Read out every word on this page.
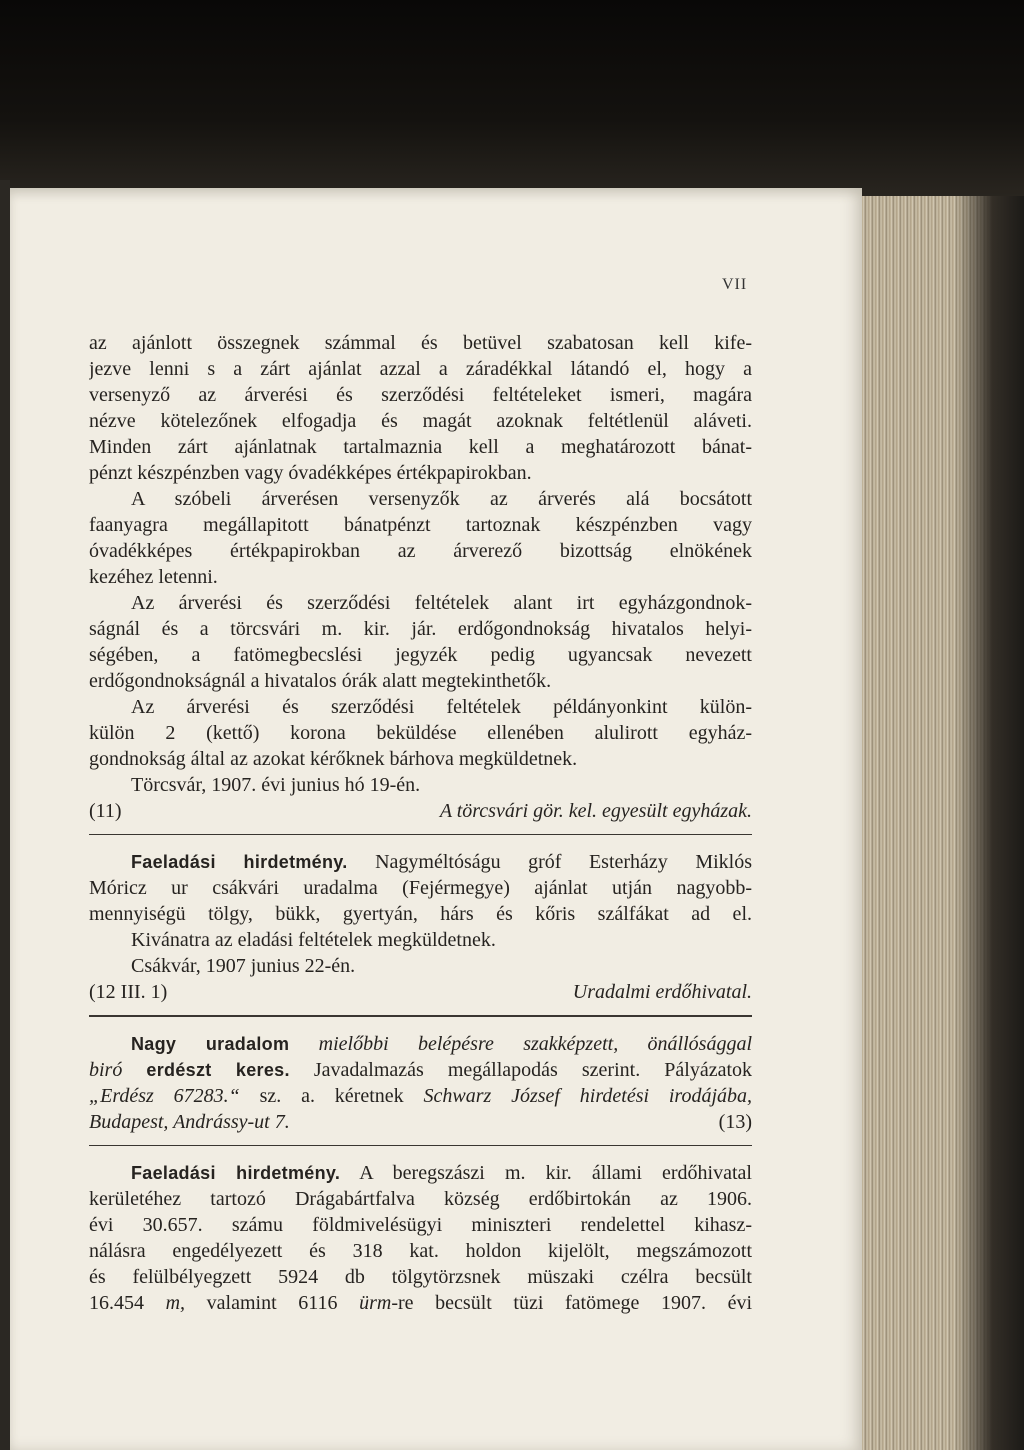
VII
az ajánlott összegnek számmal és betüvel szabatosan kell kife-
jezve lenni s a zárt ajánlat azzal a záradékkal látandó el, hogy a
versenyző az árverési és szerződési feltételeket ismeri, magára
nézve kötelezőnek elfogadja és magát azoknak feltétlenül aláveti.
Minden zárt ajánlatnak tartalmaznia kell a meghatározott bánat-
pénzt készpénzben vagy óvadékképes értékpapirokban.
A szóbeli árverésen versenyzők az árverés alá bocsátott
faanyagra megállapitott bánatpénzt tartoznak készpénzben vagy
óvadékképes értékpapirokban az árverező bizottság elnökének
kezéhez letenni.
Az árverési és szerződési feltételek alant irt egyházgondnok-
ságnál és a törcsvári m. kir. jár. erdőgondnokság hivatalos helyi-
ségében, a fatömegbecslési jegyzék pedig ugyancsak nevezett
erdőgondnokságnál a hivatalos órák alatt megtekinthetők.
Az árverési és szerződési feltételek példányonkint külön-
külön 2 (kettő) korona beküldése ellenében alulirott egyház-
gondnokság által az azokat kérőknek bárhova megküldetnek.
Törcsvár, 1907. évi junius hó 19-én.
(11)	A törcsvári gör. kel. egyesült egyházak.
Faeladási hirdetmény. Nagyméltóságu gróf Esterházy Miklós
Móricz ur csákvári uradalma (Fejérmegye) ajánlat utján nagyobb-
mennyiségü tölgy, bükk, gyertyán, hárs és kőris szálfákat ad el.
Kivánatra az eladási feltételek megküldetnek.
Csákvár, 1907 junius 22-én.
(12 III. 1)	Uradalmi erdőhivatal.
Nagy uradalom mielőbbi belépésre szakképzett, önállósággal
biró erdészt keres. Javadalmazás megállapodás szerint. Pályázatok
„Erdész 67283.“ sz. a. kéretnek Schwarz József hirdetési irodájába,
Budapest, Andrássy-ut 7.	(13)
Faeladási hirdetmény. A beregszászi m. kir. állami erdőhivatal
kerületéhez tartozó Drágabártfalva község erdőbirtokán az 1906.
évi 30.657. számu földmivelésügyi miniszteri rendelettel kihasz-
nálásra engedélyezett és 318 kat. holdon kijelölt, megszámozott
és felülbélyegzett 5924 db tölgytörzsnek müszaki czélra becsült
16.454 m, valamint 6116 ürm-re becsült tüzi fatömege 1907. évi
